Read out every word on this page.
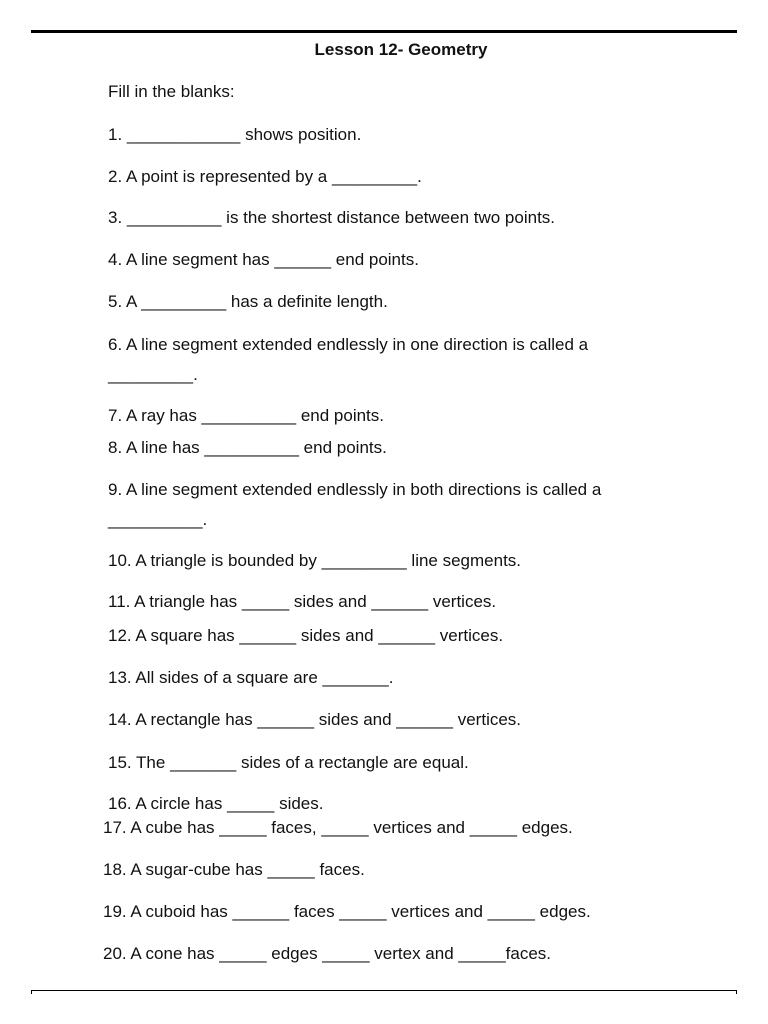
Lesson 12- Geometry
Fill in the blanks:
1. ____________ shows position.
2. A point is represented by a _________.
3. __________ is the shortest distance between two points.
4. A line segment has ______ end points.
5. A _________ has a definite length.
6. A line segment extended endlessly in one direction is called a
_________.
7. A ray has __________ end points.
8. A line has __________ end points.
9. A line segment extended endlessly in both directions is called a
__________.
10. A triangle is bounded by _________ line segments.
11. A triangle has _____ sides and ______ vertices.
12. A square has ______ sides and ______ vertices.
13. All sides of a square are _______.
14. A rectangle has ______ sides and ______ vertices.
15. The _______ sides of a rectangle are equal.
16. A circle has _____ sides.
17. A cube has _____ faces, _____ vertices and _____ edges.
18. A sugar-cube has _____ faces.
19. A cuboid has ______ faces _____ vertices and _____ edges.
20. A cone has _____ edges _____ vertex and _____faces.
